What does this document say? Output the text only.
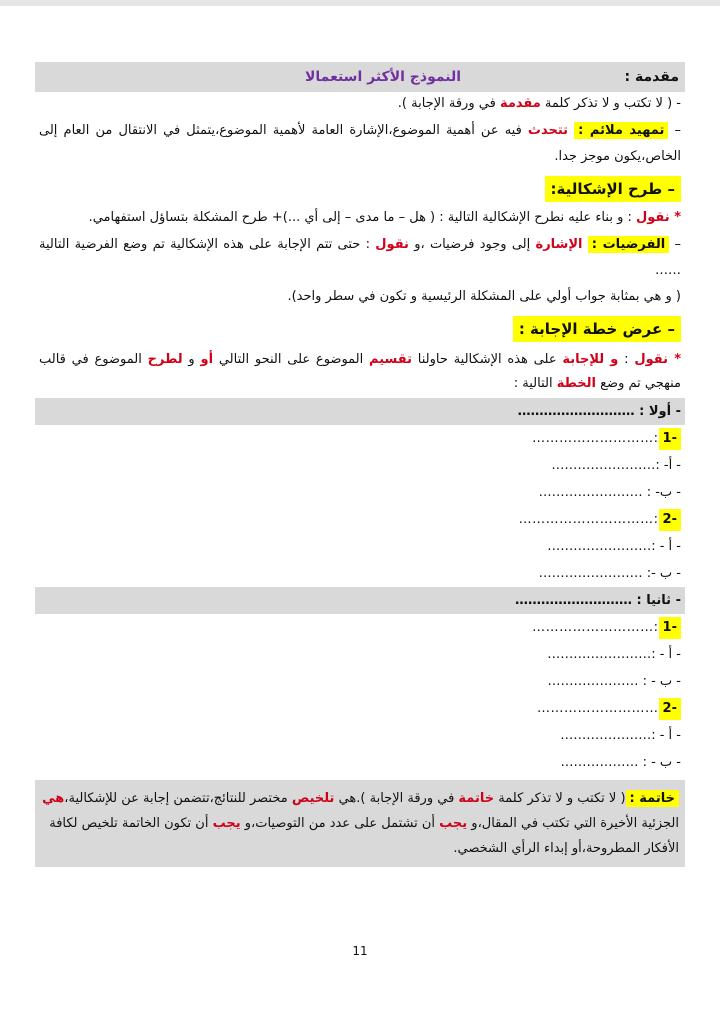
مقدمة :
النموذج الأكثر استعمالا
- ( لا تكتب و لا تذكر كلمة مقدمة في ورقة الإجابة ).
– تمهيد ملائم : تتحدث فيه عن أهمية الموضوع،الإشارة العامة لأهمية الموضوع،يتمثل في الانتقال من العام إلى الخاص،يكون موجز جدا.
– طرح الإشكالية:
* نقول : و بناء عليه نطرح الإشكالية التالية : ( هل – ما مدى – إلى أي ...)+ طرح المشكلة بتساؤل استفهامي.
– الفرضيات : الإشارة إلى وجود فرضيات ،و نقول : حتى تتم الإجابة على هذه الإشكالية تم وضع الفرضية التالية ……
( و هي بمثابة جواب أولي على المشكلة الرئيسية و تكون في سطر واحد).
– عرض خطة الإجابة :
* نقول : و للإجابة على هذه الإشكالية حاولنا تقسيم الموضوع على النحو التالي أو و لطرح الموضوع في قالب منهجي تم وضع الخطة التالية :
- أولا : ………………………
-1
:………………………
- أ- :……………………
- ب- : ……………………
-2
:…………………………
- أ - :……………………
- ب -: ……………………
- ثانيا : ………………………
-1
:………………………
- أ - :……………………
- ب - : …………………
-2
………………………
- أ - :…………………
- ب - : ………………
خاتمة :( لا تكتب و لا تذكر كلمة خاتمة في ورقة الإجابة ).هي تلخيص مختصر للنتائج،تتضمن إجابة عن للإشكالية،هي الجزئية الأخيرة التي تكتب في المقال،و يجب أن تشتمل على عدد من التوصيات،و يجب أن تكون الخاتمة تلخيص لكافة الأفكار المطروحة،أو إبداء الرأي الشخصي.
11
